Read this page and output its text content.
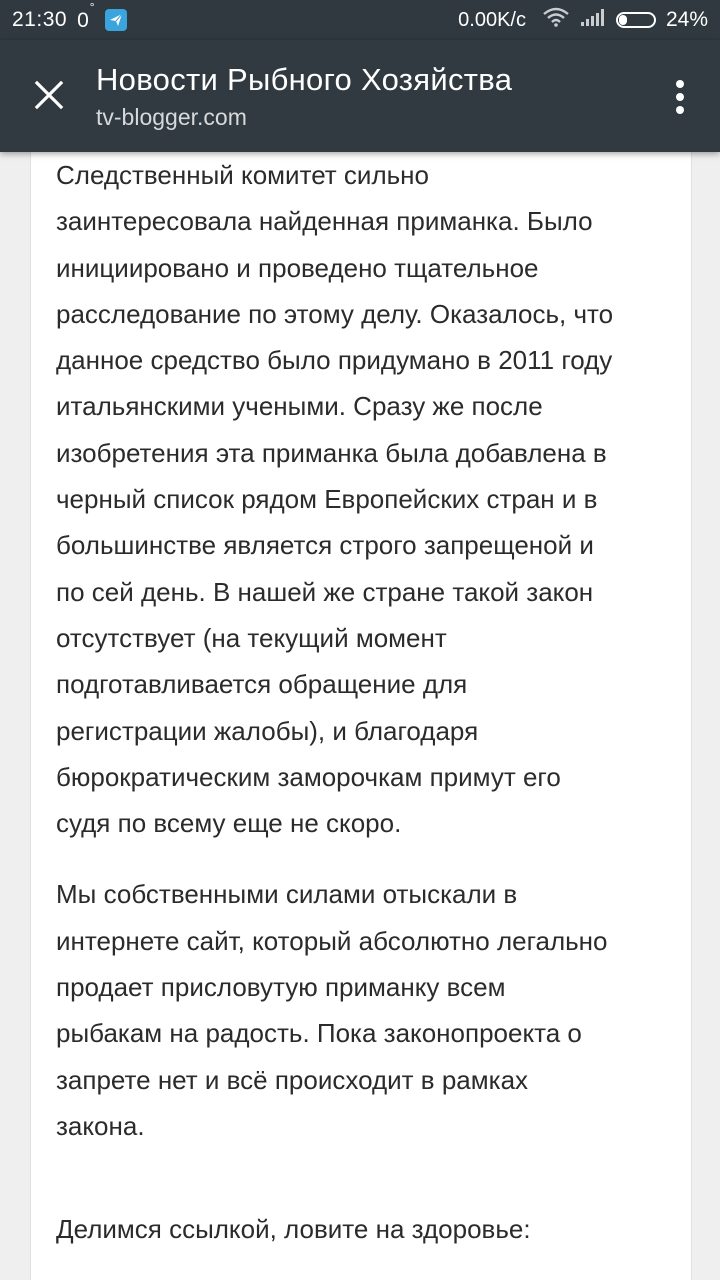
21:30 0°
0.00K/c	24%
Новости Рыбного Хозяйства
tv-blogger.com

Следственный комитет сильно
заинтересовала найденная приманка. Было
инициировано и проведено тщательное
расследование по этому делу. Оказалось, что
данное средство было придумано в 2011 году
итальянскими учеными. Сразу же после
изобретения эта приманка была добавлена в
черный список рядом Европейских стран и в
большинстве является строго запрещеной и
по сей день. В нашей же стране такой закон
отсутствует (на текущий момент
подготавливается обращение для
регистрации жалобы), и благодаря
бюрократическим заморочкам примут его
судя по всему еще не скоро.

Мы собственными силами отыскали в
интернете сайт, который абсолютно легально
продает присловутую приманку всем
рыбакам на радость. Пока законопроекта о
запрете нет и всё происходит в рамках
закона.

Делимся ссылкой, ловите на здоровье:
